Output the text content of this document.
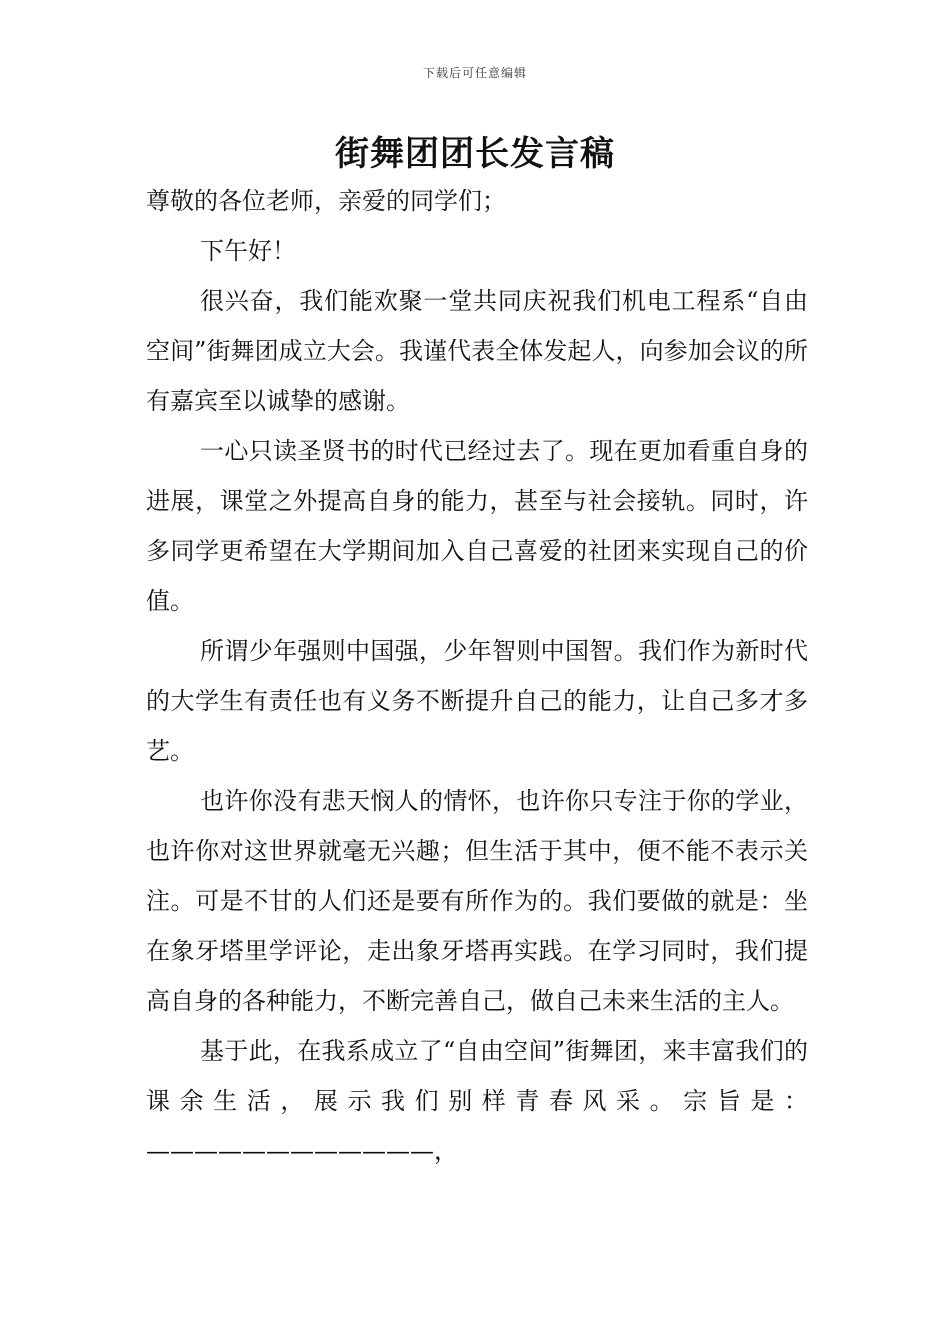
下载后可任意编辑
街舞团团长发言稿

尊敬的各位老师，亲爱的同学们；

下午好！

很兴奋，我们能欢聚一堂共同庆祝我们机电工程系“自由空间”街舞团成立大会。我谨代表全体发起人，向参加会议的所有嘉宾至以诚挚的感谢。

一心只读圣贤书的时代已经过去了。现在更加看重自身的进展，课堂之外提高自身的能力，甚至与社会接轨。同时，许多同学更希望在大学期间加入自己喜爱的社团来实现自己的价值。

所谓少年强则中国强，少年智则中国智。我们作为新时代的大学生有责任也有义务不断提升自己的能力，让自己多才多艺。

也许你没有悲天悯人的情怀，也许你只专注于你的学业，也许你对这世界就毫无兴趣；但生活于其中，便不能不表示关注。可是不甘的人们还是要有所作为的。我们要做的就是：坐在象牙塔里学评论，走出象牙塔再实践。在学习同时，我们提高自身的各种能力，不断完善自己，做自己未来生活的主人。

基于此，在我系成立了“自由空间”街舞团，来丰富我们的课余生活，展示我们别样青春风采。宗旨是：————————————，
